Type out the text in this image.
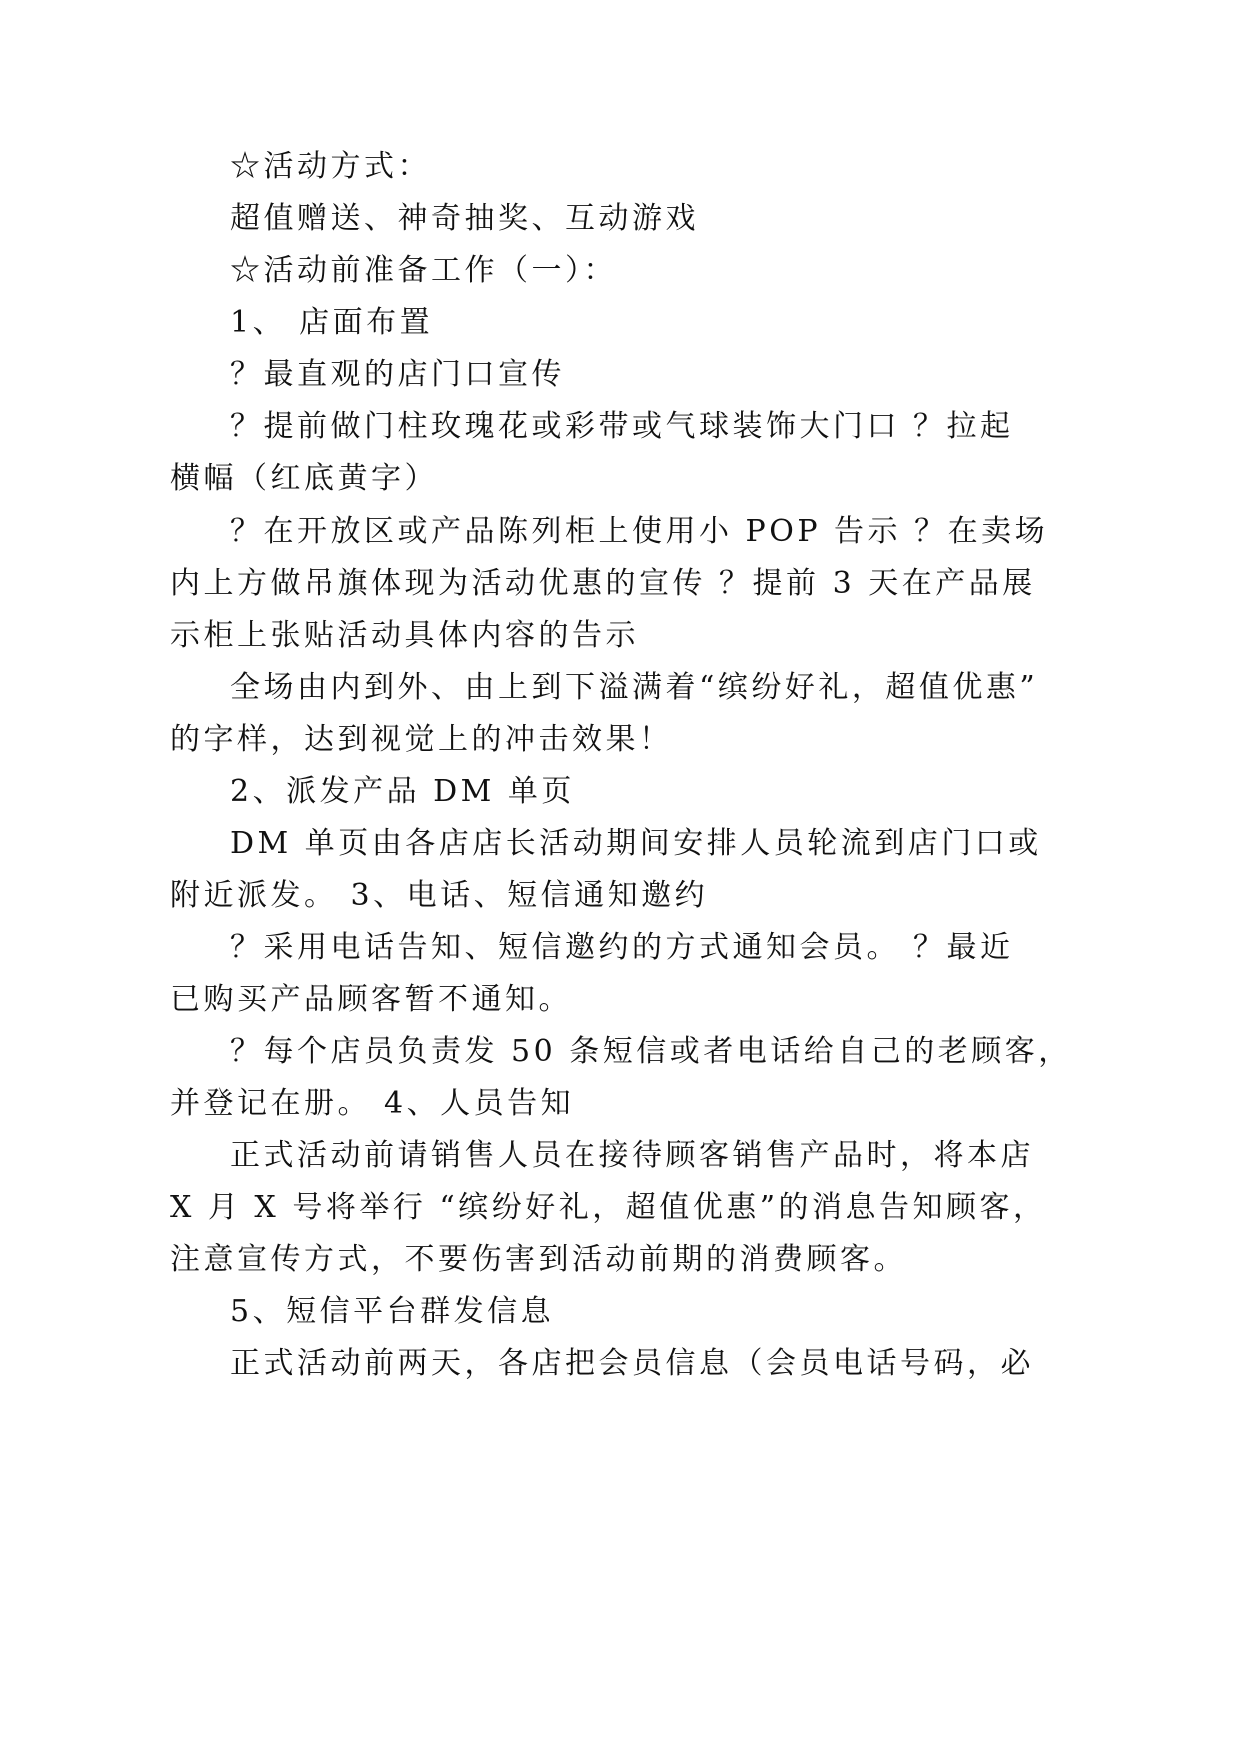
☆活动方式：

超值赠送、神奇抽奖、互动游戏

☆活动前准备工作（一）：

1、 店面布置

？最直观的店门口宣传

？提前做门柱玫瑰花或彩带或气球装饰大门口 ？拉起

横幅（红底黄字）

？在开放区或产品陈列柜上使用小 POP 告示 ？在卖场

内上方做吊旗体现为活动优惠的宣传 ？提前 3 天在产品展

示柜上张贴活动具体内容的告示

全场由内到外、由上到下溢满着“缤纷好礼，超值优惠”

的字样，达到视觉上的冲击效果！

2、派发产品 DM 单页

DM 单页由各店店长活动期间安排人员轮流到店门口或

附近派发。 3、电话、短信通知邀约

？采用电话告知、短信邀约的方式通知会员。 ？最近

已购买产品顾客暂不通知。

？每个店员负责发 50 条短信或者电话给自己的老顾客，

并登记在册。 4、人员告知

正式活动前请销售人员在接待顾客销售产品时，将本店

X 月 X 号将举行 “缤纷好礼，超值优惠”的消息告知顾客，

注意宣传方式，不要伤害到活动前期的消费顾客。

5、短信平台群发信息

正式活动前两天，各店把会员信息（会员电话号码，必
